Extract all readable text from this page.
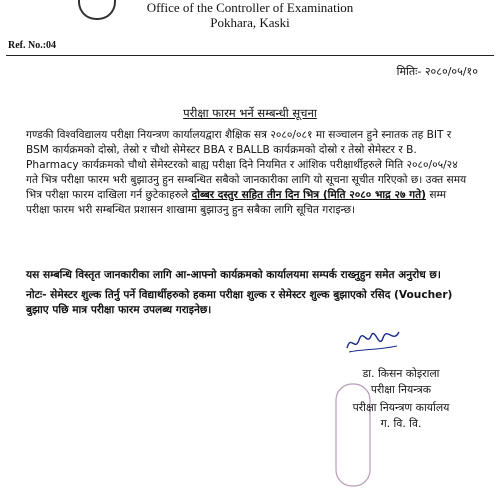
Office of the Controller of Examination
Pokhara, Kaski
Ref. No.:04
मितिः- २०८०/०५/१०
परीक्षा फारम भर्ने सम्बन्धी सूचना
गण्डकी विश्वविद्यालय परीक्षा नियन्त्रण कार्यालयद्वारा शैक्षिक सत्र २०८०/०८१ मा सञ्चालन हुने स्नातक तह BIT र BSM कार्यक्रमको दोस्रो, तेस्रो र चौथो सेमेस्टर BBA र BALLB कार्यक्रमको दोस्रो र तेस्रो सेमेस्टर र B. Pharmacy कार्यक्रमको चौथो सेमेस्टरको बाह्य परीक्षा दिने नियमित र आंशिक परीक्षार्थीहरुले मिति २०८०/०५/२४ गते भित्र परीक्षा फारम भरी बुझाउनु हुन सम्बन्धित सबैको जानकारीका लागि यो सूचना सूचीत गरिएको छ। उक्त समय भित्र परीक्षा फारम दाखिला गर्न छुटेकाहरुले दोब्बर दस्तुर सहित तीन दिन भित्र (मिति २०८० भाद्र २७ गते) सम्म परीक्षा फारम भरी सम्बन्धित प्रशासन शाखामा बुझाउनु हुन सबैका लागि सूचित गराइन्छ।
यस सम्बन्धि विस्तृत जानकारीका लागि आ-आफ्नो कार्यक्रमको कार्यालयमा सम्पर्क राख्नुहुन समेत अनुरोध छ।
नोटः- सेमेस्टर शुल्क तिर्नु पर्ने विद्यार्थीहरुको हकमा परीक्षा शुल्क र सेमेस्टर शुल्क बुझाएको रसिद (Voucher) बुझाए पछि मात्र परीक्षा फारम उपलब्ध गराइनेछ।
डा. किसन कोइराला
परीक्षा नियन्त्रक
परीक्षा नियन्त्रण कार्यालय
ग. वि. वि.
